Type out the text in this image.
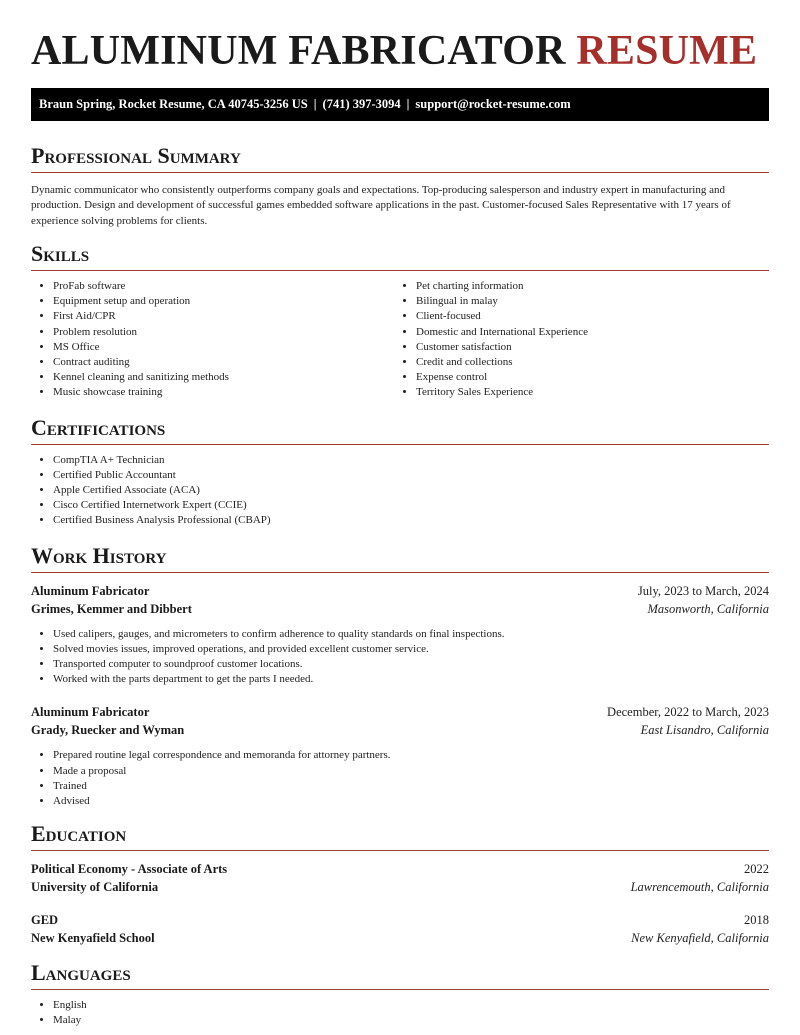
ALUMINUM FABRICATOR RESUME
Braun Spring, Rocket Resume, CA 40745-3256 US | (741) 397-3094 | support@rocket-resume.com
Professional Summary

Dynamic communicator who consistently outperforms company goals and expectations. Top-producing salesperson and industry expert in manufacturing and production. Design and development of successful games embedded software applications in the past. Customer-focused Sales Representative with 17 years of experience solving problems for clients.

Skills
• ProFab software
• Equipment setup and operation
• First Aid/CPR
• Problem resolution
• MS Office
• Contract auditing
• Kennel cleaning and sanitizing methods
• Music showcase training
• Pet charting information
• Bilingual in malay
• Client-focused
• Domestic and International Experience
• Customer satisfaction
• Credit and collections
• Expense control
• Territory Sales Experience
Certifications
• CompTIA A+ Technician
• Certified Public Accountant
• Apple Certified Associate (ACA)
• Cisco Certified Internetwork Expert (CCIE)
• Certified Business Analysis Professional (CBAP)
Work History
Aluminum Fabricator	July, 2023 to March, 2024
Grimes, Kemmer and Dibbert	Masonworth, California
• Used calipers, gauges, and micrometers to confirm adherence to quality standards on final inspections.
• Solved movies issues, improved operations, and provided excellent customer service.
• Transported computer to soundproof customer locations.
• Worked with the parts department to get the parts I needed.
Aluminum Fabricator	December, 2022 to March, 2023
Grady, Ruecker and Wyman	East Lisandro, California
• Prepared routine legal correspondence and memoranda for attorney partners.
• Made a proposal
• Trained
• Advised
Education
Political Economy - Associate of Arts	2022
University of California	Lawrencemouth, California
GED	2018
New Kenyafield School	New Kenyafield, California
Languages
• English
• Malay
